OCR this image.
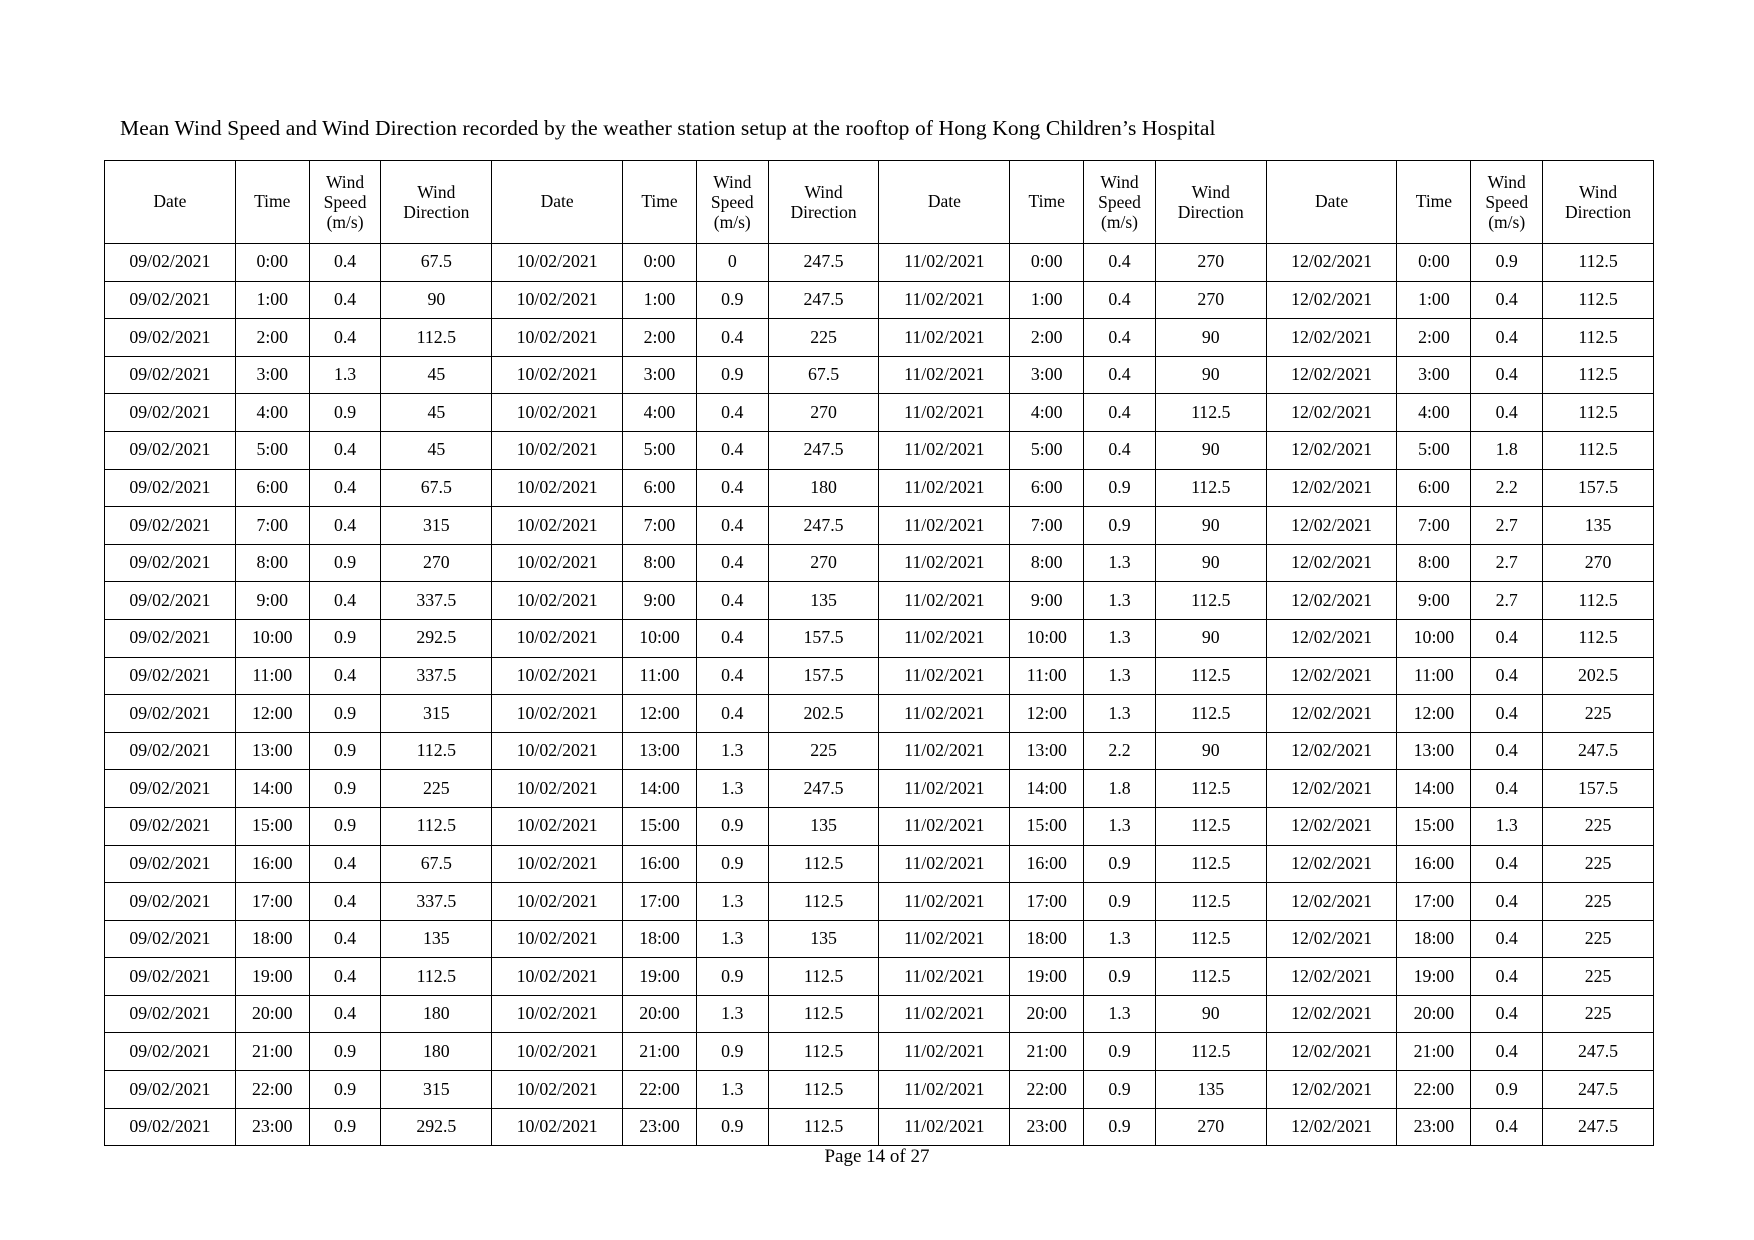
Mean Wind Speed and Wind Direction recorded by the weather station setup at the rooftop of Hong Kong Children’s Hospital
Date	Time	Wind
Speed
(m/s)	Wind
Direction	Date	Time	Wind
Speed
(m/s)	Wind
Direction	Date	Time	Wind
Speed
(m/s)	Wind
Direction	Date	Time	Wind
Speed
(m/s)	Wind
Direction

09/02/2021	0:00	0.4	67.5	10/02/2021	0:00	0	247.5	11/02/2021	0:00	0.4	270	12/02/2021	0:00	0.9	112.5
09/02/2021	1:00	0.4	90	10/02/2021	1:00	0.9	247.5	11/02/2021	1:00	0.4	270	12/02/2021	1:00	0.4	112.5
09/02/2021	2:00	0.4	112.5	10/02/2021	2:00	0.4	225	11/02/2021	2:00	0.4	90	12/02/2021	2:00	0.4	112.5
09/02/2021	3:00	1.3	45	10/02/2021	3:00	0.9	67.5	11/02/2021	3:00	0.4	90	12/02/2021	3:00	0.4	112.5
09/02/2021	4:00	0.9	45	10/02/2021	4:00	0.4	270	11/02/2021	4:00	0.4	112.5	12/02/2021	4:00	0.4	112.5
09/02/2021	5:00	0.4	45	10/02/2021	5:00	0.4	247.5	11/02/2021	5:00	0.4	90	12/02/2021	5:00	1.8	112.5
09/02/2021	6:00	0.4	67.5	10/02/2021	6:00	0.4	180	11/02/2021	6:00	0.9	112.5	12/02/2021	6:00	2.2	157.5
09/02/2021	7:00	0.4	315	10/02/2021	7:00	0.4	247.5	11/02/2021	7:00	0.9	90	12/02/2021	7:00	2.7	135
09/02/2021	8:00	0.9	270	10/02/2021	8:00	0.4	270	11/02/2021	8:00	1.3	90	12/02/2021	8:00	2.7	270
09/02/2021	9:00	0.4	337.5	10/02/2021	9:00	0.4	135	11/02/2021	9:00	1.3	112.5	12/02/2021	9:00	2.7	112.5
09/02/2021	10:00	0.9	292.5	10/02/2021	10:00	0.4	157.5	11/02/2021	10:00	1.3	90	12/02/2021	10:00	0.4	112.5
09/02/2021	11:00	0.4	337.5	10/02/2021	11:00	0.4	157.5	11/02/2021	11:00	1.3	112.5	12/02/2021	11:00	0.4	202.5
09/02/2021	12:00	0.9	315	10/02/2021	12:00	0.4	202.5	11/02/2021	12:00	1.3	112.5	12/02/2021	12:00	0.4	225
09/02/2021	13:00	0.9	112.5	10/02/2021	13:00	1.3	225	11/02/2021	13:00	2.2	90	12/02/2021	13:00	0.4	247.5
09/02/2021	14:00	0.9	225	10/02/2021	14:00	1.3	247.5	11/02/2021	14:00	1.8	112.5	12/02/2021	14:00	0.4	157.5
09/02/2021	15:00	0.9	112.5	10/02/2021	15:00	0.9	135	11/02/2021	15:00	1.3	112.5	12/02/2021	15:00	1.3	225
09/02/2021	16:00	0.4	67.5	10/02/2021	16:00	0.9	112.5	11/02/2021	16:00	0.9	112.5	12/02/2021	16:00	0.4	225
09/02/2021	17:00	0.4	337.5	10/02/2021	17:00	1.3	112.5	11/02/2021	17:00	0.9	112.5	12/02/2021	17:00	0.4	225
09/02/2021	18:00	0.4	135	10/02/2021	18:00	1.3	135	11/02/2021	18:00	1.3	112.5	12/02/2021	18:00	0.4	225
09/02/2021	19:00	0.4	112.5	10/02/2021	19:00	0.9	112.5	11/02/2021	19:00	0.9	112.5	12/02/2021	19:00	0.4	225
09/02/2021	20:00	0.4	180	10/02/2021	20:00	1.3	112.5	11/02/2021	20:00	1.3	90	12/02/2021	20:00	0.4	225
09/02/2021	21:00	0.9	180	10/02/2021	21:00	0.9	112.5	11/02/2021	21:00	0.9	112.5	12/02/2021	21:00	0.4	247.5
09/02/2021	22:00	0.9	315	10/02/2021	22:00	1.3	112.5	11/02/2021	22:00	0.9	135	12/02/2021	22:00	0.9	247.5
09/02/2021	23:00	0.9	292.5	10/02/2021	23:00	0.9	112.5	11/02/2021	23:00	0.9	270	12/02/2021	23:00	0.4	247.5
Page 14 of 27
